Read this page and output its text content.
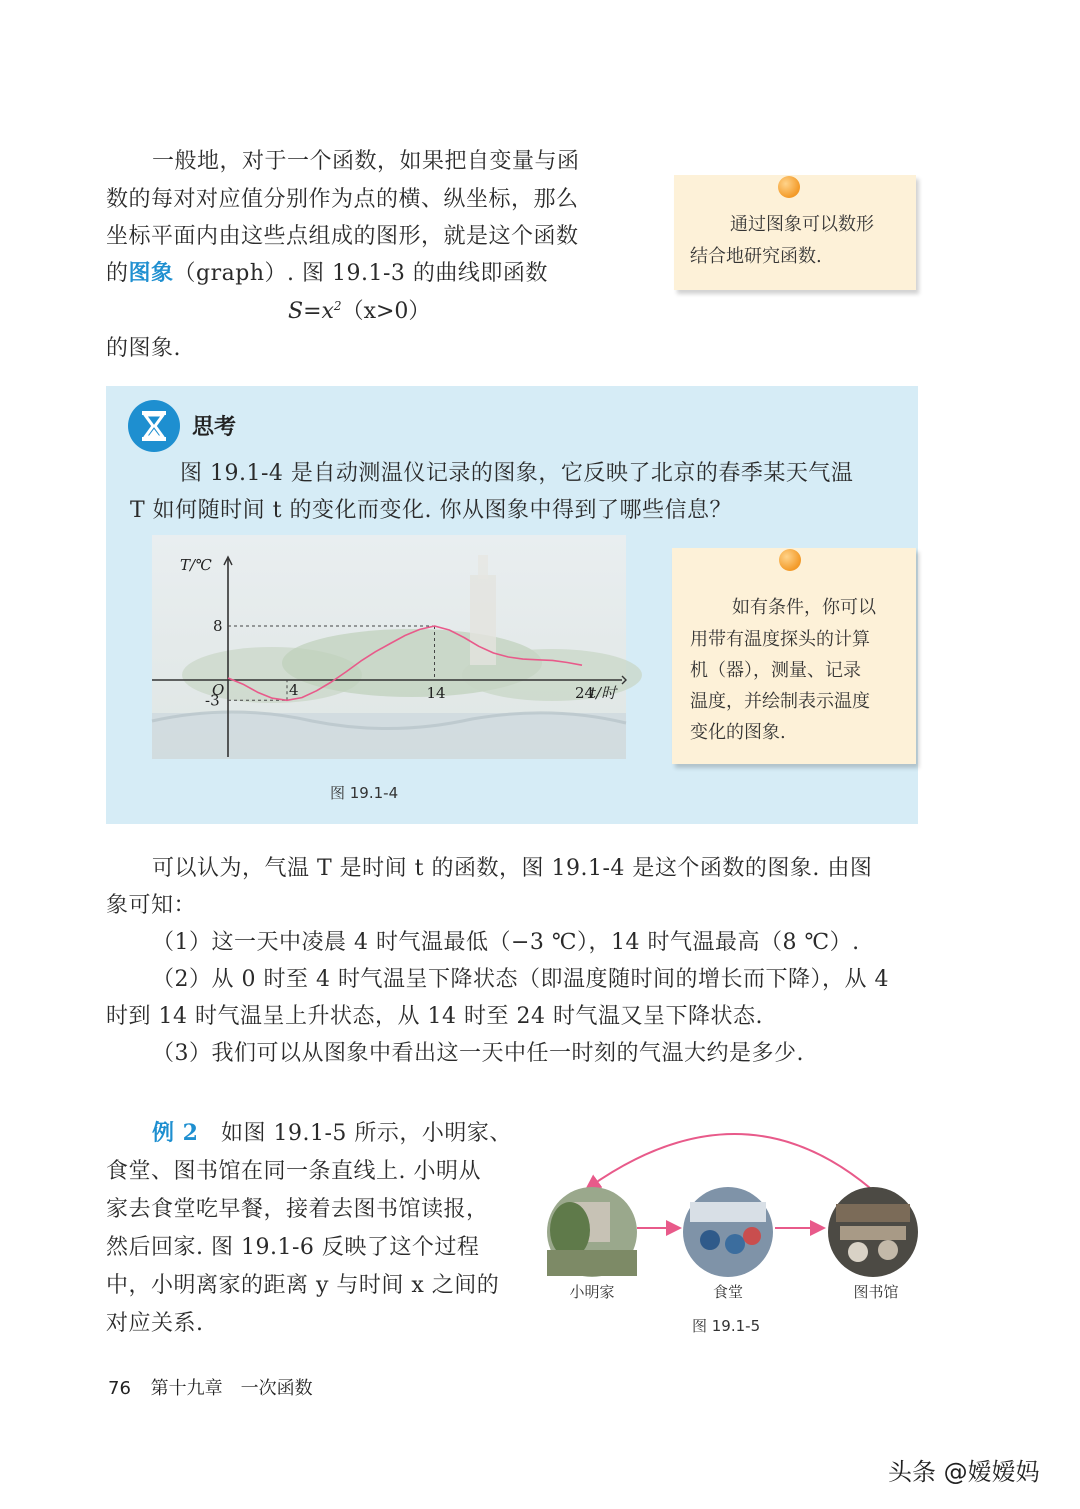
一般地，对于一个函数，如果把自变量与函

数的每对对应值分别作为点的横、纵坐标，那么

坐标平面内由这些点组成的图形，就是这个函数

的图象（graph）. 图 19.1-3 的曲线即函数

$S=x^2(x>0)$

的图象.

通过图象可以数形
结合地研究函数.
思考

图 19.1-4 是自动测温仪记录的图象，它反映了北京的春季某天气温

T 如何随时间 t 的变化而变化. 你从图象中得到了哪些信息？

T/℃
t/时
O	4	14	24
8
-3
图 19.1-4
如有条件，你可以
用带有温度探头的计算
机（器），测量、记录
温度，并绘制表示温度
变化的图象.

可以认为，气温 T 是时间 t 的函数，图 19.1-4 是这个函数的图象. 由图

象可知：

（1）这一天中凌晨 4 时气温最低（−3 ℃），14 时气温最高（8 ℃）.

（2）从 0 时至 4 时气温呈下降状态（即温度随时间的增长而下降），从 4

时到 14 时气温呈上升状态，从 14 时至 24 时气温又呈下降状态.

（3）我们可以从图象中看出这一天中任一时刻的气温大约是多少.

例 2　 如图 19.1-5 所示，小明家、

食堂、图书馆在同一条直线上. 小明从

家去食堂吃早餐，接着去图书馆读报，

然后回家. 图 19.1-6 反映了这个过程

中，小明离家的距离 y 与时间 x 之间的

对应关系.

小明家	食堂	图书馆
图 19.1-5
76 第十九章　一次函数
头条 @嫒嫒妈
